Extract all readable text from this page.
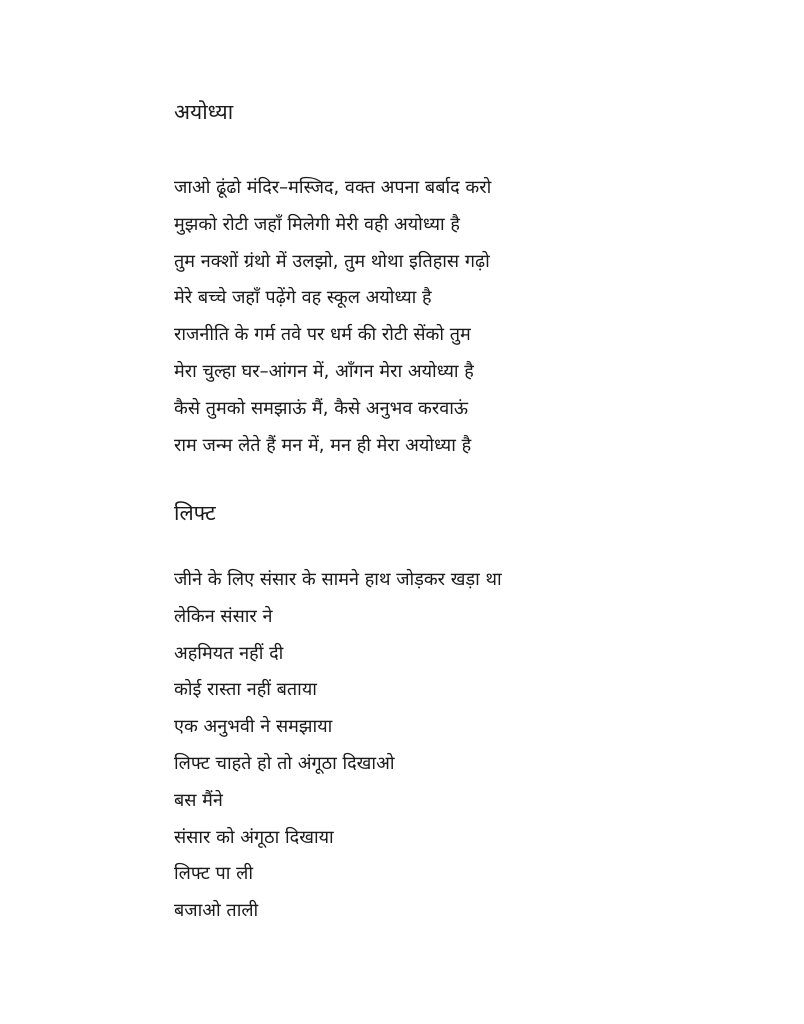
अयोध्या
जाओ ढूंढो मंदिर–मस्जिद, वक्त अपना बर्बाद करो
मुझको रोटी जहाँ मिलेगी मेरी वही अयोध्या है
तुम नक्शों ग्रंथो में उलझो, तुम थोथा इतिहास गढ़ो
मेरे बच्चे जहाँ पढ़ेंगे वह स्कूल अयोध्या है
राजनीति के गर्म तवे पर धर्म की रोटी सेंको तुम
मेरा चुल्हा घर–आंगन में, आँगन मेरा अयोध्या है
कैसे तुमको समझाऊं मैं, कैसे अनुभव करवाऊं
राम जन्म लेते हैं मन में, मन ही मेरा अयोध्या है
लिफ्ट
जीने के लिए संसार के सामने हाथ जोड़कर खड़ा था
लेकिन संसार ने
अहमियत नहीं दी
कोई रास्ता नहीं बताया
एक अनुभवी ने समझाया
लिफ्ट चाहते हो तो अंगूठा दिखाओ
बस मैंने
संसार को अंगूठा दिखाया
लिफ्ट पा ली
बजाओ ताली
